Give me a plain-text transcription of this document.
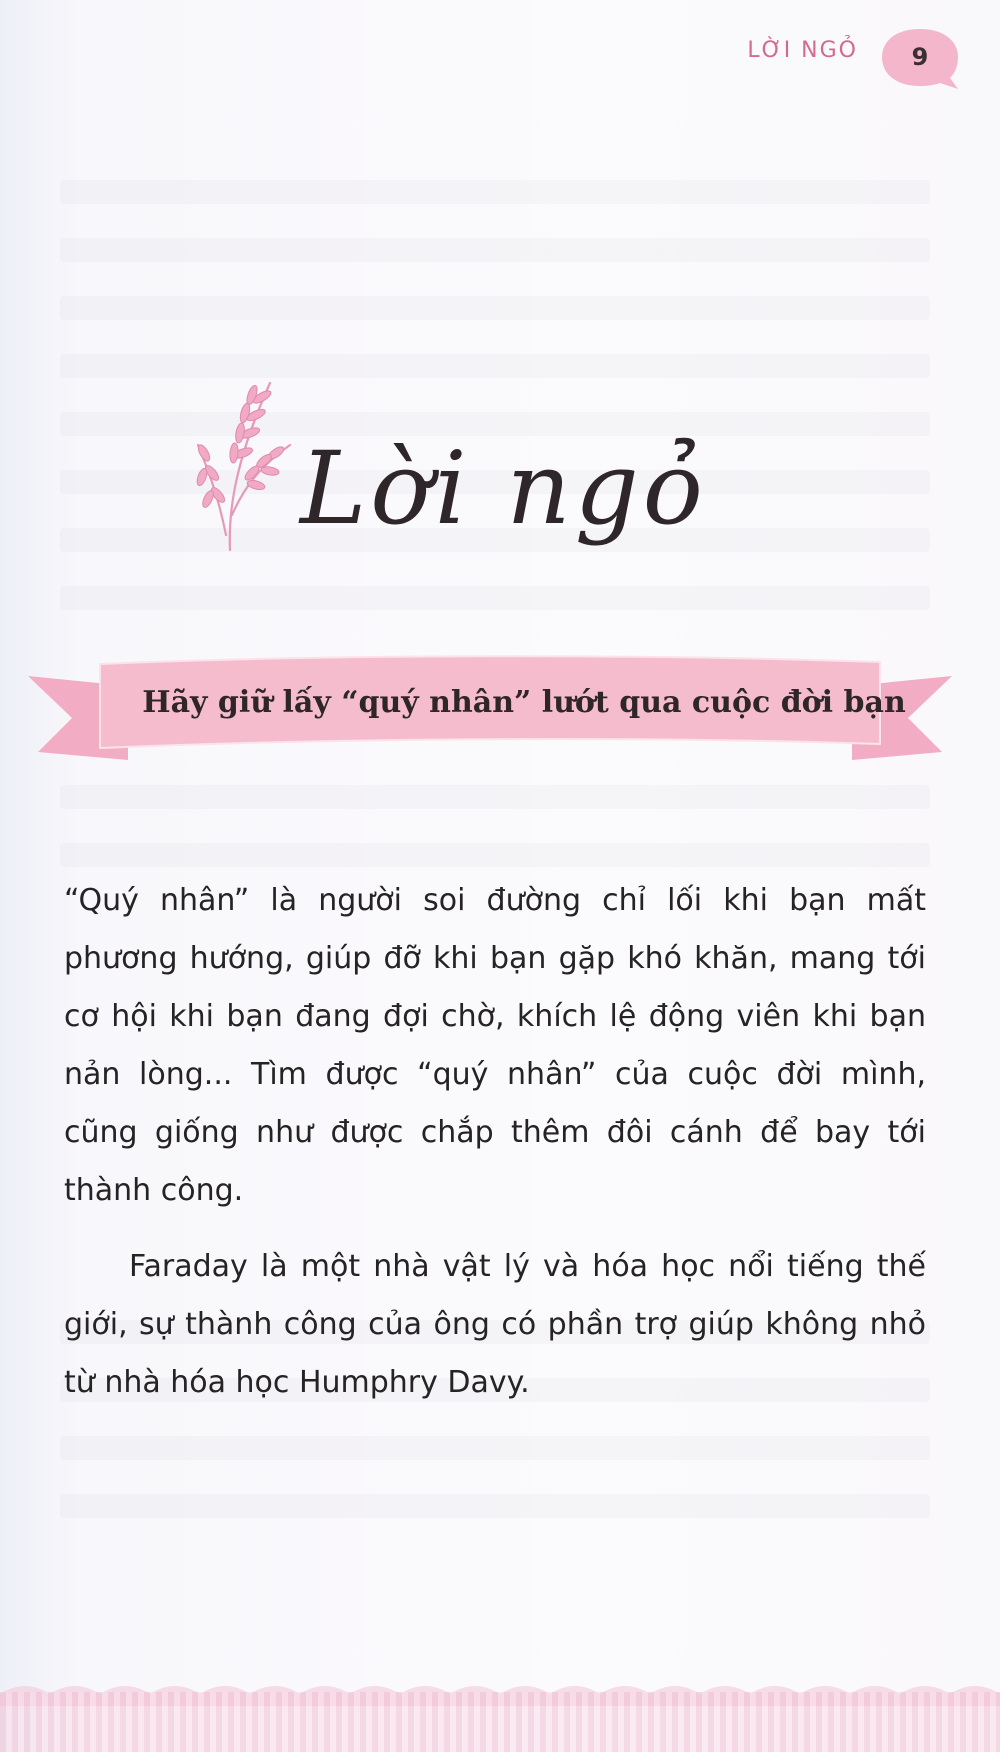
LỜI NGỎ	9
Lời ngỏ
Hãy giữ lấy “quý nhân” lướt qua cuộc đời bạn

“Quý nhân” là người soi đường chỉ lối khi bạn mất phương hướng, giúp đỡ khi bạn gặp khó khăn, mang tới cơ hội khi bạn đang đợi chờ, khích lệ động viên khi bạn nản lòng... Tìm được “quý nhân” của cuộc đời mình, cũng giống như được chắp thêm đôi cánh để bay tới thành công.

Faraday là một nhà vật lý và hóa học nổi tiếng thế giới, sự thành công của ông có phần trợ giúp không nhỏ từ nhà hóa học Humphry Davy.
